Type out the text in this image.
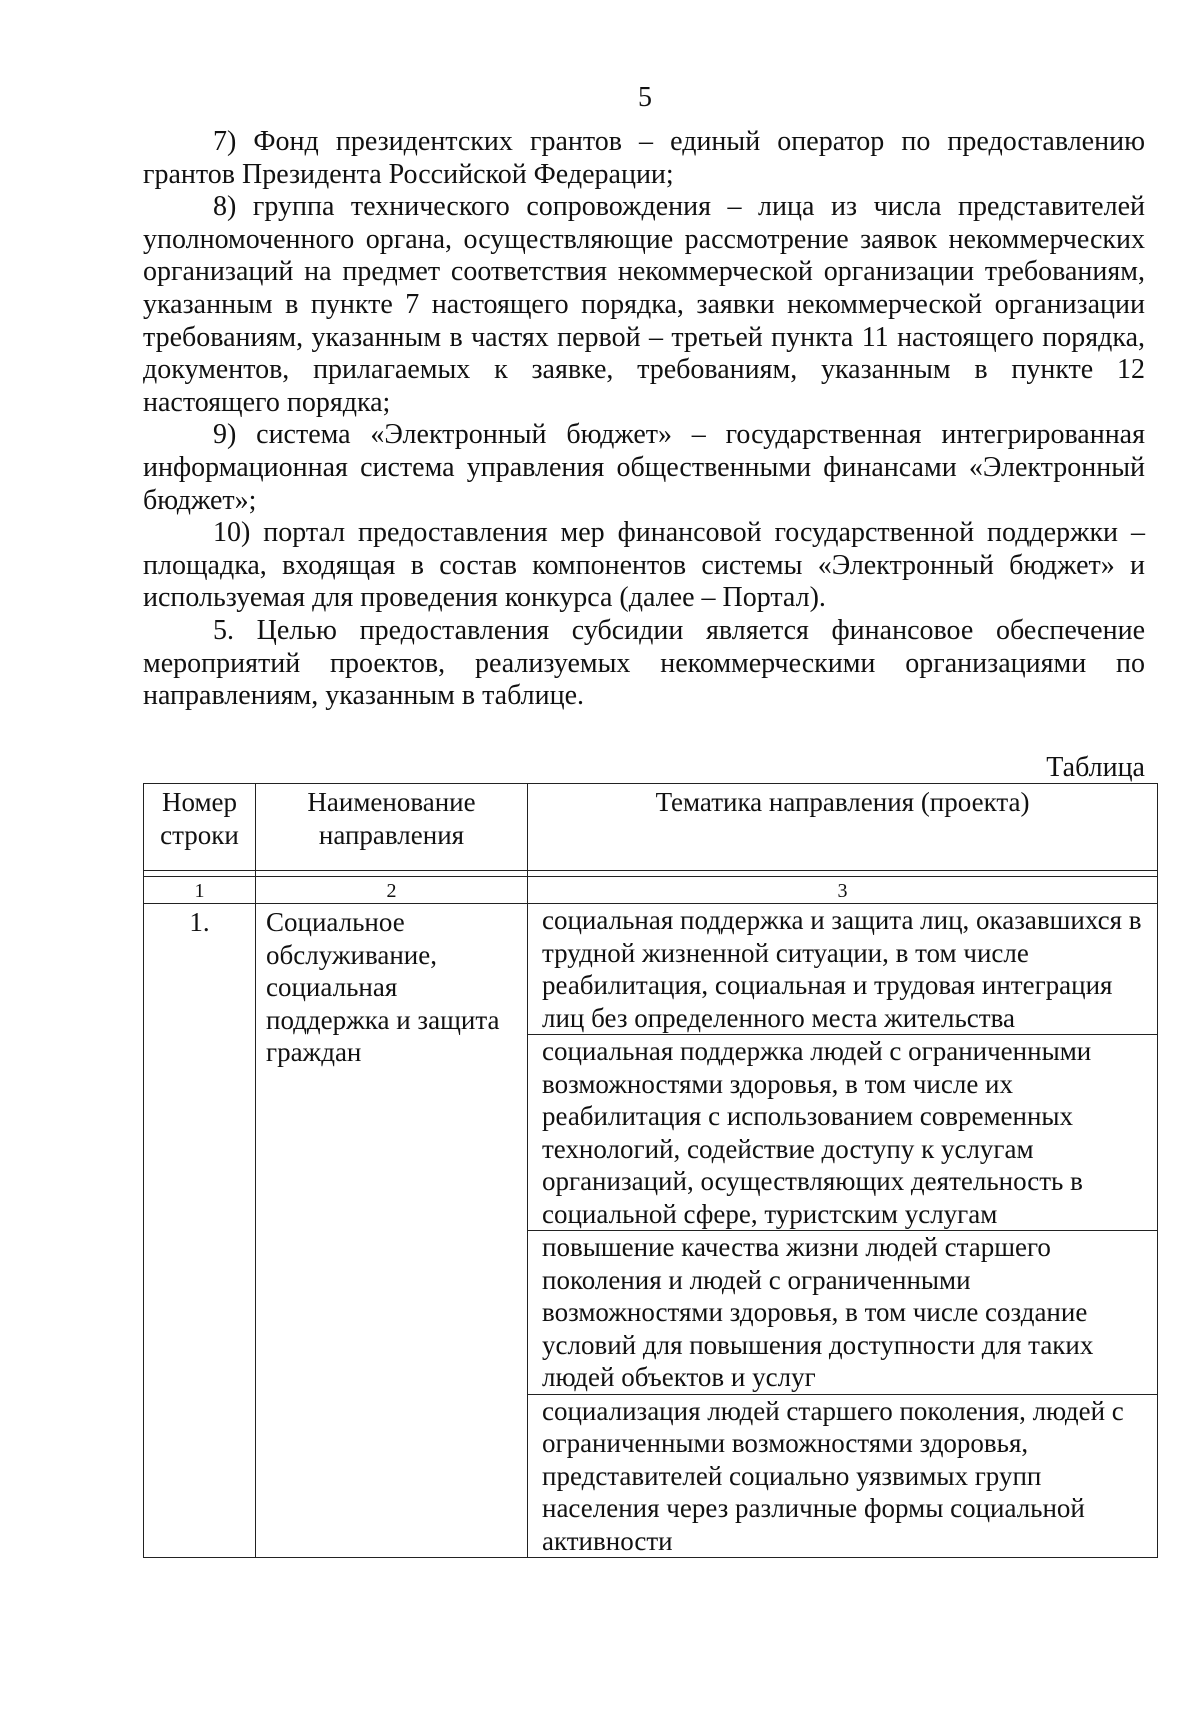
5

7) Фонд президентских грантов – единый оператор по предоставлению грантов Президента Российской Федерации;

8) группа технического сопровождения – лица из числа представителей уполномоченного органа, осуществляющие рассмотрение заявок некоммерческих организаций на предмет соответствия некоммерческой организации требованиям, указанным в пункте 7 настоящего порядка, заявки некоммерческой организации требованиям, указанным в частях первой – третьей пункта 11 настоящего порядка, документов, прилагаемых к заявке, требованиям, указанным в пункте 12 настоящего порядка;

9) система «Электронный бюджет» – государственная интегрированная информационная система управления общественными финансами «Электронный бюджет»;

10) портал предоставления мер финансовой государственной поддержки – площадка, входящая в состав компонентов системы «Электронный бюджет» и используемая для проведения конкурса (далее – Портал).

5. Целью предоставления субсидии является финансовое обеспечение мероприятий проектов, реализуемых некоммерческими организациями по направлениям, указанным в таблице.

Таблица
Номер строки	Наименование направления	Тематика направления (проекта)

1	2	3
1.	Социальное обслуживание, социальная поддержка и защита граждан	социальная поддержка и защита лиц, оказавшихся в трудной жизненной ситуации, в том числе реабилитация, социальная и трудовая интеграция лиц без определенного места жительства
социальная поддержка людей с ограниченными возможностями здоровья, в том числе их реабилитация с использованием современных технологий, содействие доступу к услугам организаций, осуществляющих деятельность в социальной сфере, туристским услугам
повышение качества жизни людей старшего поколения и людей с ограниченными возможностями здоровья, в том числе создание условий для повышения доступности для таких людей объектов и услуг
социализация людей старшего поколения, людей с ограниченными возможностями здоровья, представителей социально уязвимых групп населения через различные формы социальной активности
